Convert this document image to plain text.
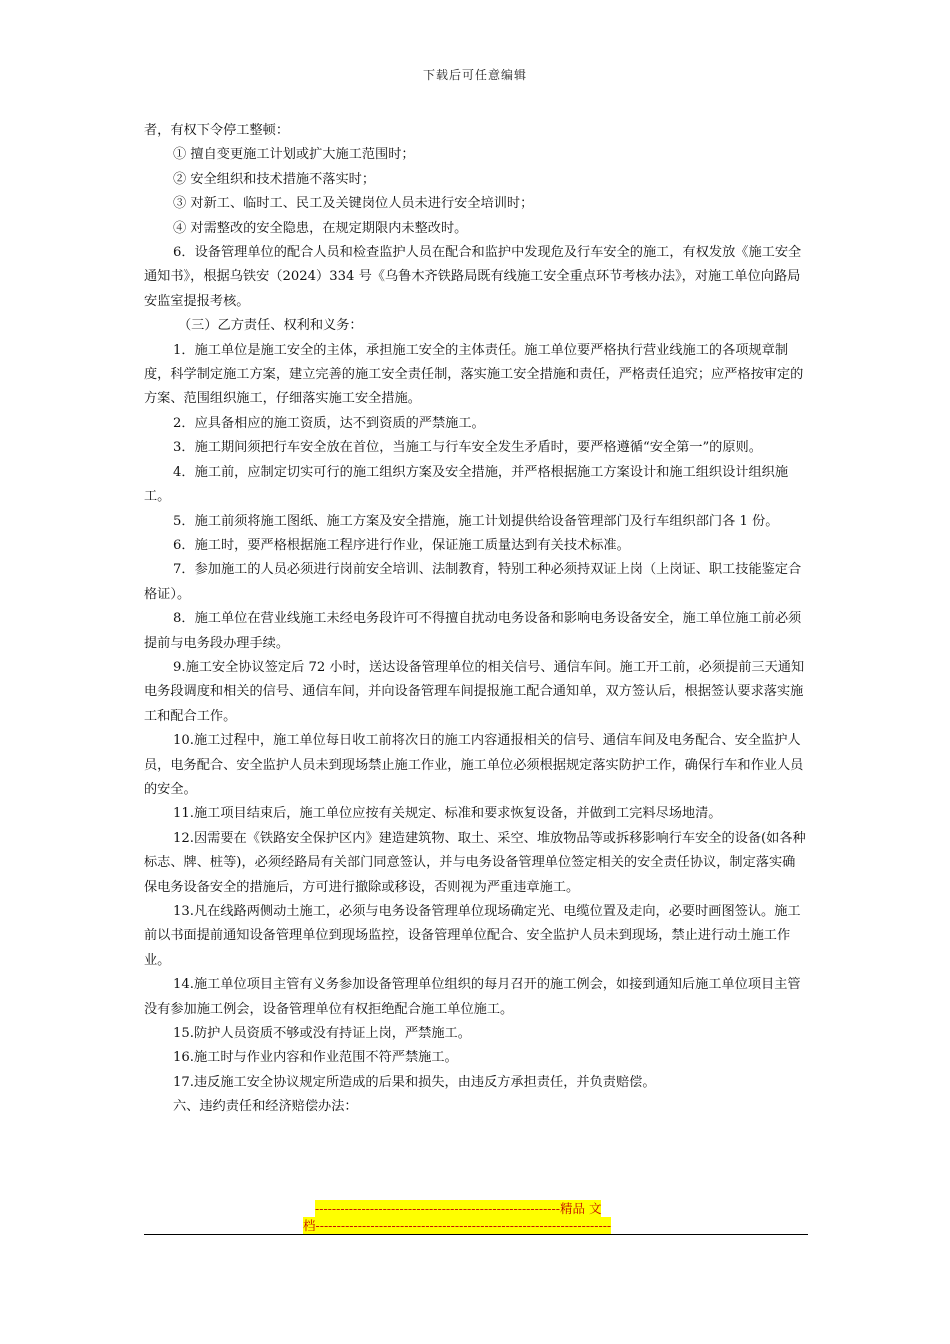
下载后可任意编辑

者，有权下令停工整顿：

① 擅自变更施工计划或扩大施工范围时；

② 安全组织和技术措施不落实时；

③ 对新工、临时工、民工及关键岗位人员未进行安全培训时；

④ 对需整改的安全隐患，在规定期限内未整改时。

6．设备管理单位的配合人员和检查监护人员在配合和监护中发现危及行车安全的施工，有权发放《施工安全通知书》，根据乌铁安（2024）334 号《乌鲁木齐铁路局既有线施工安全重点环节考核办法》，对施工单位向路局安监室提报考核。

（三）乙方责任、权利和义务：

1．施工单位是施工安全的主体，承担施工安全的主体责任。施工单位要严格执行营业线施工的各项规章制度，科学制定施工方案，建立完善的施工安全责任制，落实施工安全措施和责任，严格责任追究；应严格按审定的方案、范围组织施工，仔细落实施工安全措施。

2．应具备相应的施工资质，达不到资质的严禁施工。

3．施工期间须把行车安全放在首位，当施工与行车安全发生矛盾时，要严格遵循“安全第一”的原则。

4．施工前，应制定切实可行的施工组织方案及安全措施，并严格根据施工方案设计和施工组织设计组织施工。

5．施工前须将施工图纸、施工方案及安全措施，施工计划提供给设备管理部门及行车组织部门各 1 份。

6．施工时，要严格根据施工程序进行作业，保证施工质量达到有关技术标准。

7．参加施工的人员必须进行岗前安全培训、法制教育，特别工种必须持双证上岗（上岗证、职工技能鉴定合格证）。

8．施工单位在营业线施工未经电务段许可不得擅自扰动电务设备和影响电务设备安全，施工单位施工前必须提前与电务段办理手续。

9.施工安全协议签定后 72 小时，送达设备管理单位的相关信号、通信车间。施工开工前，必须提前三天通知电务段调度和相关的信号、通信车间，并向设备管理车间提报施工配合通知单，双方签认后，根据签认要求落实施工和配合工作。

10.施工过程中，施工单位每日收工前将次日的施工内容通报相关的信号、通信车间及电务配合、安全监护人员，电务配合、安全监护人员未到现场禁止施工作业，施工单位必须根据规定落实防护工作，确保行车和作业人员的安全。

11.施工项目结束后，施工单位应按有关规定、标准和要求恢复设备，并做到工完料尽场地清。

12.因需要在《铁路安全保护区内》建造建筑物、取土、采空、堆放物品等或拆移影响行车安全的设备(如各种标志、牌、桩等)，必须经路局有关部门同意签认，并与电务设备管理单位签定相关的安全责任协议，制定落实确保电务设备安全的措施后，方可进行撤除或移设，否则视为严重违章施工。

13.凡在线路两侧动土施工，必须与电务设备管理单位现场确定光、电缆位置及走向，必要时画图签认。施工前以书面提前通知设备管理单位到现场监控，设备管理单位配合、安全监护人员未到现场，禁止进行动土施工作业。

14.施工单位项目主管有义务参加设备管理单位组织的每月召开的施工例会，如接到通知后施工单位项目主管没有参加施工例会，设备管理单位有权拒绝配合施工单位施工。

15.防护人员资质不够或没有持证上岗，严禁施工。

16.施工时与作业内容和作业范围不符严禁施工。

17.违反施工安全协议规定所造成的后果和损失，由违反方承担责任，并负责赔偿。

六、违约责任和经济赔偿办法：

----------------------------------------------------------精品 文
档----------------------------------------------------------------------
